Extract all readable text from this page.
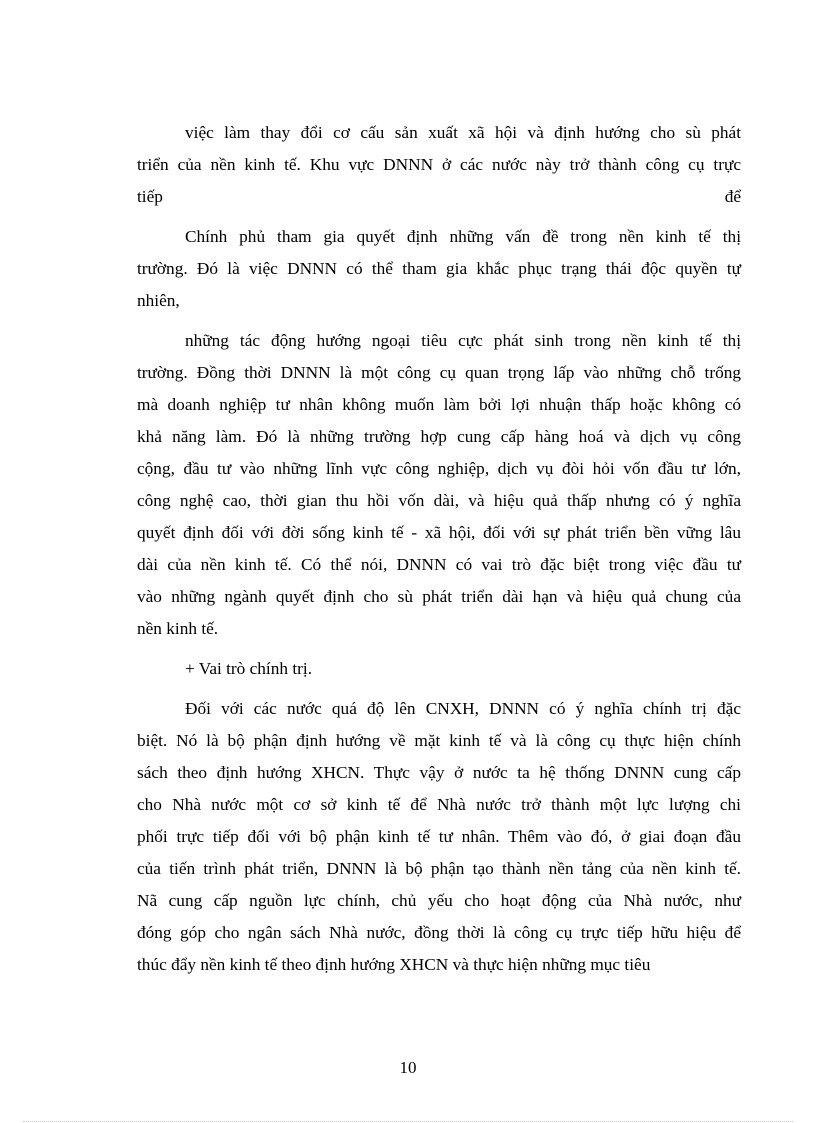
việc làm thay đổi cơ cấu sản xuất xã hội và định hướng cho sù phát

triển của nền kinh tế. Khu vực DNNN ở các nước này trở thành công cụ trực

tiếp	để

Chính phủ tham gia quyết định những vấn đề trong nền kinh tế thị

trường. Đó là việc DNNN có thể tham gia khắc phục trạng thái độc quyền tự

nhiên,

những tác động hướng ngoại tiêu cực phát sinh trong nền kinh tế thị

trường. Đồng thời DNNN là một công cụ quan trọng lấp vào những chỗ trống

mà doanh nghiệp tư nhân không muốn làm bởi lợi nhuận thấp hoặc không có

khả năng làm. Đó là những trường hợp cung cấp hàng hoá và dịch vụ công

cộng, đầu tư vào những lĩnh vực công nghiệp, dịch vụ đòi hỏi vốn đầu tư lớn,

công nghệ cao, thời gian thu hồi vốn dài, và hiệu quả thấp nhưng có ý nghĩa

quyết định đối với đời sống kinh tế - xã hội, đối với sự phát triển bền vững lâu

dài của nền kinh tế. Có thể nói, DNNN có vai trò đặc biệt trong việc đầu tư

vào những ngành quyết định cho sù phát triển dài hạn và hiệu quả chung của

nền kinh tế.

+ Vai trò chính trị.

Đối với các nước quá độ lên CNXH, DNNN có ý nghĩa chính trị đặc

biệt. Nó là bộ phận định hướng về mặt kinh tế và là công cụ thực hiện chính

sách theo định hướng XHCN. Thực vậy ở nước ta hệ thống DNNN cung cấp

cho Nhà nước một cơ sở kinh tế để Nhà nước trở thành một lực lượng chi

phối trực tiếp đối với bộ phận kinh tế tư nhân. Thêm vào đó, ở giai đoạn đầu

của tiến trình phát triển, DNNN là bộ phận tạo thành nền tảng của nền kinh tế.

Nã cung cấp nguồn lực chính, chủ yếu cho hoạt động của Nhà nước, như

đóng góp cho ngân sách Nhà nước, đồng thời là công cụ trực tiếp hữu hiệu để

thúc đẩy nền kinh tế theo định hướng XHCN và thực hiện những mục tiêu

10
